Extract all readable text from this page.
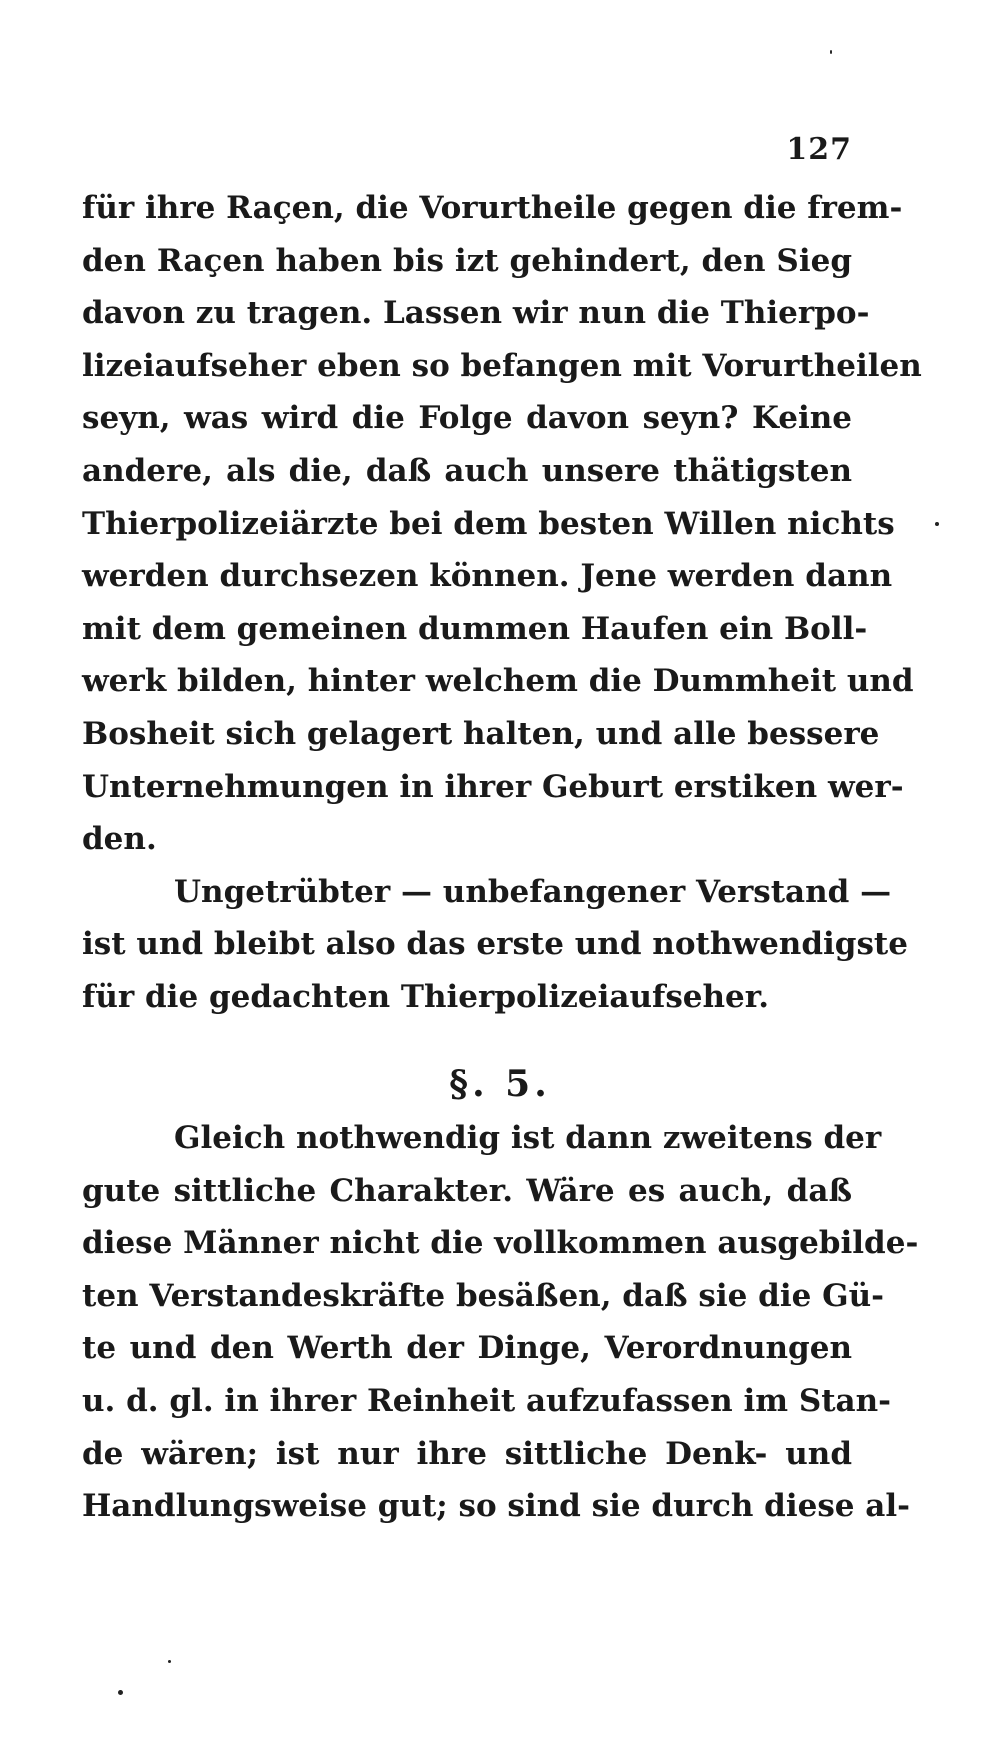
127
für ihre Raçen, die Vorurtheile gegen die frem-
den Raçen haben bis izt gehindert, den Sieg
davon zu tragen. Lassen wir nun die Thierpo-
lizeiaufseher eben so befangen mit Vorurtheilen
seyn, was wird die Folge davon seyn? Keine
andere, als die, daß auch unsere thätigsten
Thierpolizeiärzte bei dem besten Willen nichts
werden durchsezen können. Jene werden dann
mit dem gemeinen dummen Haufen ein Boll-
werk bilden, hinter welchem die Dummheit und
Bosheit sich gelagert halten, und alle bessere
Unternehmungen in ihrer Geburt erstiken wer-
den.
Ungetrübter — unbefangener Verstand —
ist und bleibt also das erste und nothwendigste
für die gedachten Thierpolizeiaufseher.
§. 5.
Gleich nothwendig ist dann zweitens der
gute sittliche Charakter. Wäre es auch, daß
diese Männer nicht die vollkommen ausgebilde-
ten Verstandeskräfte besäßen, daß sie die Gü-
te und den Werth der Dinge, Verordnungen
u. d. gl. in ihrer Reinheit aufzufassen im Stan-
de wären; ist nur ihre sittliche Denk- und
Handlungsweise gut; so sind sie durch diese al-
